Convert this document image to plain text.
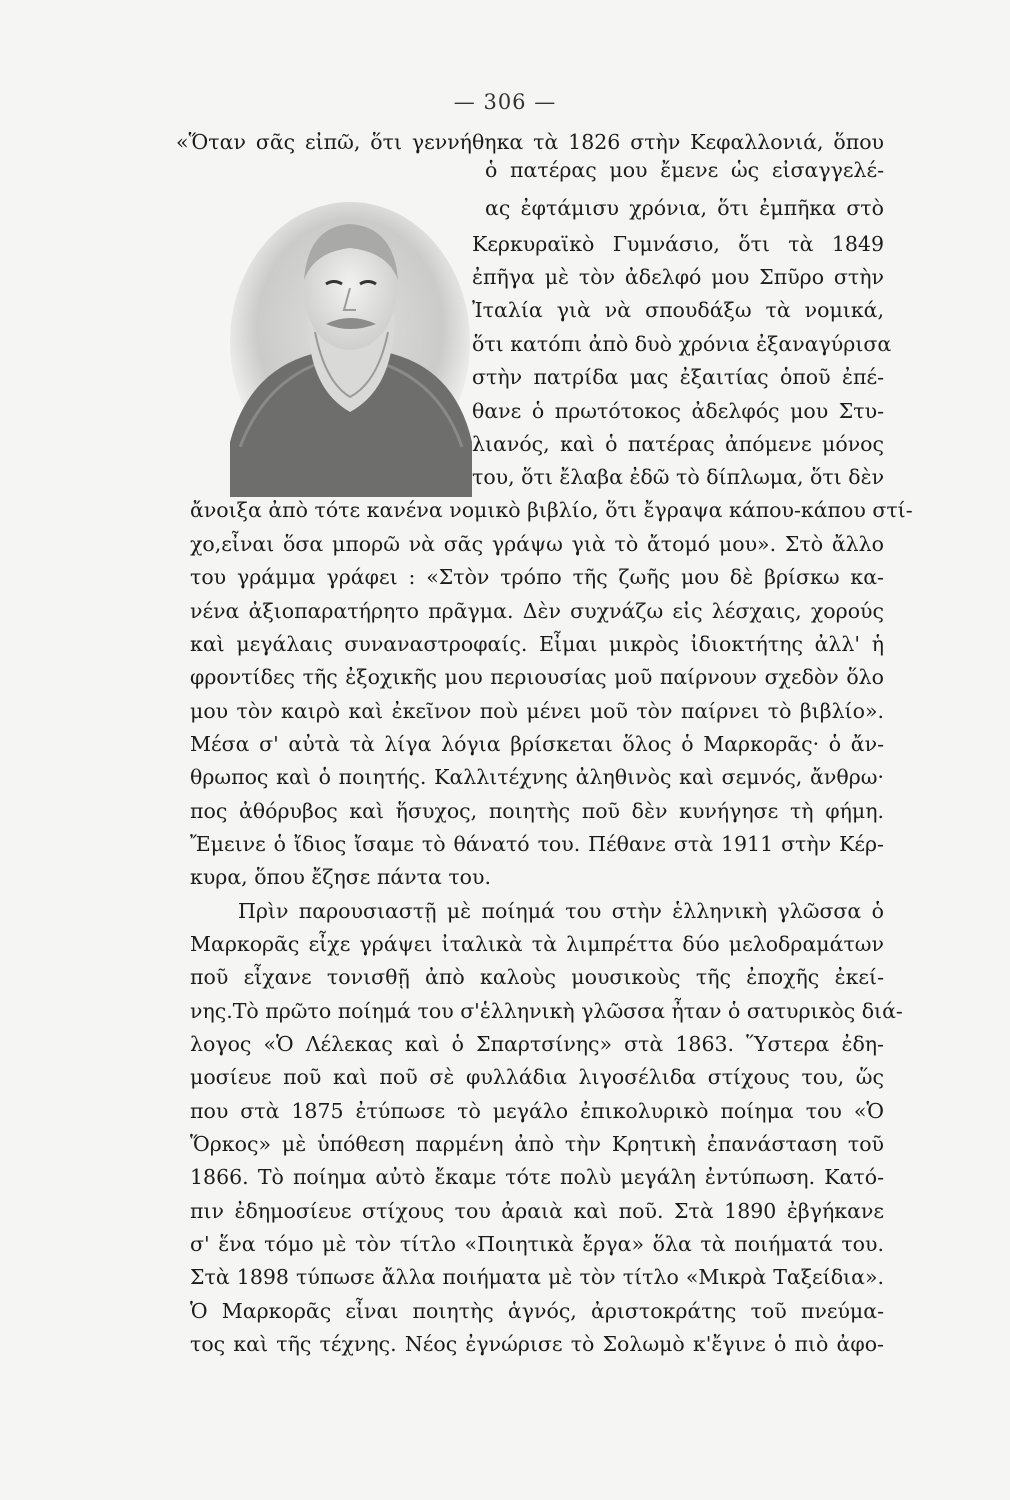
— 306 —
«Ὅταν σᾶς εἰπῶ, ὅτι γεννήθηκα τὰ 1826 στὴν Κεφαλλονιά, ὅπου
ὁ πατέρας μου ἔμενε ὡς εἰσαγγελέ-
ας ἐφτάμισυ χρόνια, ὅτι ἐμπῆκα στὸ
Κερκυραϊκὸ Γυμνάσιο, ὅτι τὰ 1849
ἐπῆγα μὲ τὸν ἀδελφό μου Σπῦρο στὴν
Ἰταλία γιὰ νὰ σπουδάξω τὰ νομικά,
ὅτι κατόπι ἀπὸ δυὸ χρόνια ἐξαναγύρισα
στὴν πατρίδα μας ἐξαιτίας ὁποῦ ἐπέ-
θανε ὁ πρωτότοκος ἀδελφός μου Στυ-
λιανός, καὶ ὁ πατέρας ἀπόμενε μόνος
του, ὅτι ἔλαβα ἐδῶ τὸ δίπλωμα, ὅτι δὲν
ἄνοιξα ἀπὸ τότε κανένα νομικὸ βιβλίο, ὅτι ἔγραψα κάπου-κάπου στί-
χο,εἶναι ὅσα μπορῶ νὰ σᾶς γράψω γιὰ τὸ ἄτομό μου». Στὸ ἄλλο
του γράμμα γράφει : «Στὸν τρόπο τῆς ζωῆς μου δὲ βρίσκω κα-
νένα ἀξιοπαρατήρητο πρᾶγμα. Δὲν συχνάζω εἰς λέσχαις, χορούς
καὶ μεγάλαις συναναστροφαίς. Εἶμαι μικρὸς ἰδιοκτήτης ἀλλ' ἡ
φροντίδες τῆς ἐξοχικῆς μου περιουσίας μοῦ παίρνουν σχεδὸν ὅλο
μου τὸν καιρὸ καὶ ἐκεῖνον ποὺ μένει μοῦ τὸν παίρνει τὸ βιβλίο».
Μέσα σ' αὐτὰ τὰ λίγα λόγια βρίσκεται ὅλος ὁ Μαρκορᾶς· ὁ ἄν-
θρωπος καὶ ὁ ποιητής. Καλλιτέχνης ἀληθινὸς καὶ σεμνός, ἄνθρω·
πος ἀθόρυβος καὶ ἥσυχος, ποιητὴς ποῦ δὲν κυνήγησε τὴ φήμη.
Ἔμεινε ὁ ἴδιος ἴσαμε τὸ θάνατό του. Πέθανε στὰ 1911 στὴν Κέρ-
κυρα, ὅπου ἔζησε πάντα του.
Πρὶν παρουσιαστῇ μὲ ποίημά του στὴν ἑλληνικὴ γλῶσσα ὁ
Μαρκορᾶς εἶχε γράψει ἰταλικὰ τὰ λιμπρέττα δύο μελοδραμάτων
ποῦ εἶχανε τονισθῇ ἀπὸ καλοὺς μουσικοὺς τῆς ἐποχῆς ἐκεί-
νης.Τὸ πρῶτο ποίημά του σ'ἑλληνικὴ γλῶσσα ἦταν ὁ σατυρικὸς διά-
λογος «Ὁ Λέλεκας καὶ ὁ Σπαρτσίνης» στὰ 1863. Ὕστερα ἐδη-
μοσίευε ποῦ καὶ ποῦ σὲ φυλλάδια λιγοσέλιδα στίχους του, ὥς
που στὰ 1875 ἐτύπωσε τὸ μεγάλο ἐπικολυρικὸ ποίημα του «Ὁ
Ὅρκος» μὲ ὑπόθεση παρμένη ἀπὸ τὴν Κρητικὴ ἐπανάσταση τοῦ
1866. Τὸ ποίημα αὐτὸ ἔκαμε τότε πολὺ μεγάλη ἐντύπωση. Κατό-
πιν ἐδημοσίευε στίχους του ἀραιὰ καὶ ποῦ. Στὰ 1890 ἐβγήκανε
σ' ἕνα τόμο μὲ τὸν τίτλο «Ποιητικὰ ἔργα» ὅλα τὰ ποιήματά του.
Στὰ 1898 τύπωσε ἄλλα ποιήματα μὲ τὸν τίτλο «Μικρὰ Ταξείδια».
Ὁ Μαρκορᾶς εἶναι ποιητὴς ἁγνός, ἀριστοκράτης τοῦ πνεύμα-
τος καὶ τῆς τέχνης. Νέος ἐγνώρισε τὸ Σολωμὸ κ'ἔγινε ὁ πιὸ ἀφο-
